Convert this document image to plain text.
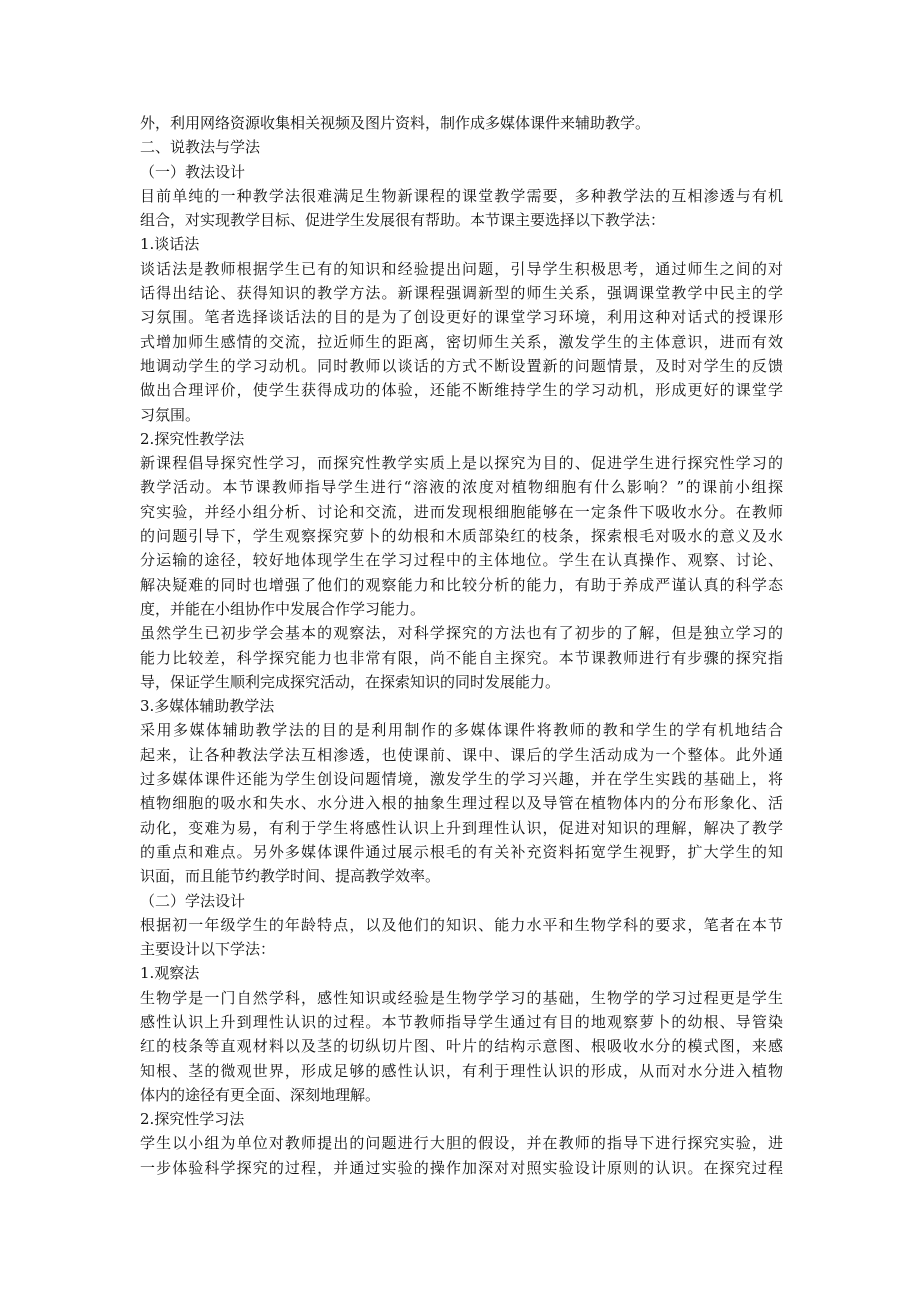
外，利用网络资源收集相关视频及图片资料，制作成多媒体课件来辅助教学。
二、说教法与学法
（一）教法设计
目前单纯的一种教学法很难满足生物新课程的课堂教学需要，多种教学法的互相渗透与有机
组合，对实现教学目标、促进学生发展很有帮助。本节课主要选择以下教学法：
1.谈话法
谈话法是教师根据学生已有的知识和经验提出问题，引导学生积极思考，通过师生之间的对
话得出结论、获得知识的教学方法。新课程强调新型的师生关系，强调课堂教学中民主的学
习氛围。笔者选择谈话法的目的是为了创设更好的课堂学习环境，利用这种对话式的授课形
式增加师生感情的交流，拉近师生的距离，密切师生关系，激发学生的主体意识，进而有效
地调动学生的学习动机。同时教师以谈话的方式不断设置新的问题情景，及时对学生的反馈
做出合理评价，使学生获得成功的体验，还能不断维持学生的学习动机，形成更好的课堂学
习氛围。
2.探究性教学法
新课程倡导探究性学习，而探究性教学实质上是以探究为目的、促进学生进行探究性学习的
教学活动。本节课教师指导学生进行“溶液的浓度对植物细胞有什么影响？”的课前小组探
究实验，并经小组分析、讨论和交流，进而发现根细胞能够在一定条件下吸收水分。在教师
的问题引导下，学生观察探究萝卜的幼根和木质部染红的枝条，探索根毛对吸水的意义及水
分运输的途径，较好地体现学生在学习过程中的主体地位。学生在认真操作、观察、讨论、
解决疑难的同时也增强了他们的观察能力和比较分析的能力，有助于养成严谨认真的科学态
度，并能在小组协作中发展合作学习能力。
虽然学生已初步学会基本的观察法，对科学探究的方法也有了初步的了解，但是独立学习的
能力比较差，科学探究能力也非常有限，尚不能自主探究。本节课教师进行有步骤的探究指
导，保证学生顺利完成探究活动，在探索知识的同时发展能力。
3.多媒体辅助教学法
采用多媒体辅助教学法的目的是利用制作的多媒体课件将教师的教和学生的学有机地结合
起来，让各种教法学法互相渗透，也使课前、课中、课后的学生活动成为一个整体。此外通
过多媒体课件还能为学生创设问题情境，激发学生的学习兴趣，并在学生实践的基础上，将
植物细胞的吸水和失水、水分进入根的抽象生理过程以及导管在植物体内的分布形象化、活
动化，变难为易，有利于学生将感性认识上升到理性认识，促进对知识的理解，解决了教学
的重点和难点。另外多媒体课件通过展示根毛的有关补充资料拓宽学生视野，扩大学生的知
识面，而且能节约教学时间、提高教学效率。
（二）学法设计
根据初一年级学生的年龄特点，以及他们的知识、能力水平和生物学科的要求，笔者在本节
主要设计以下学法：
1.观察法
生物学是一门自然学科，感性知识或经验是生物学学习的基础，生物学的学习过程更是学生
感性认识上升到理性认识的过程。本节教师指导学生通过有目的地观察萝卜的幼根、导管染
红的枝条等直观材料以及茎的切纵切片图、叶片的结构示意图、根吸收水分的模式图，来感
知根、茎的微观世界，形成足够的感性认识，有利于理性认识的形成，从而对水分进入植物
体内的途径有更全面、深刻地理解。
2.探究性学习法
学生以小组为单位对教师提出的问题进行大胆的假设，并在教师的指导下进行探究实验，进
一步体验科学探究的过程，并通过实验的操作加深对对照实验设计原则的认识。在探究过程
